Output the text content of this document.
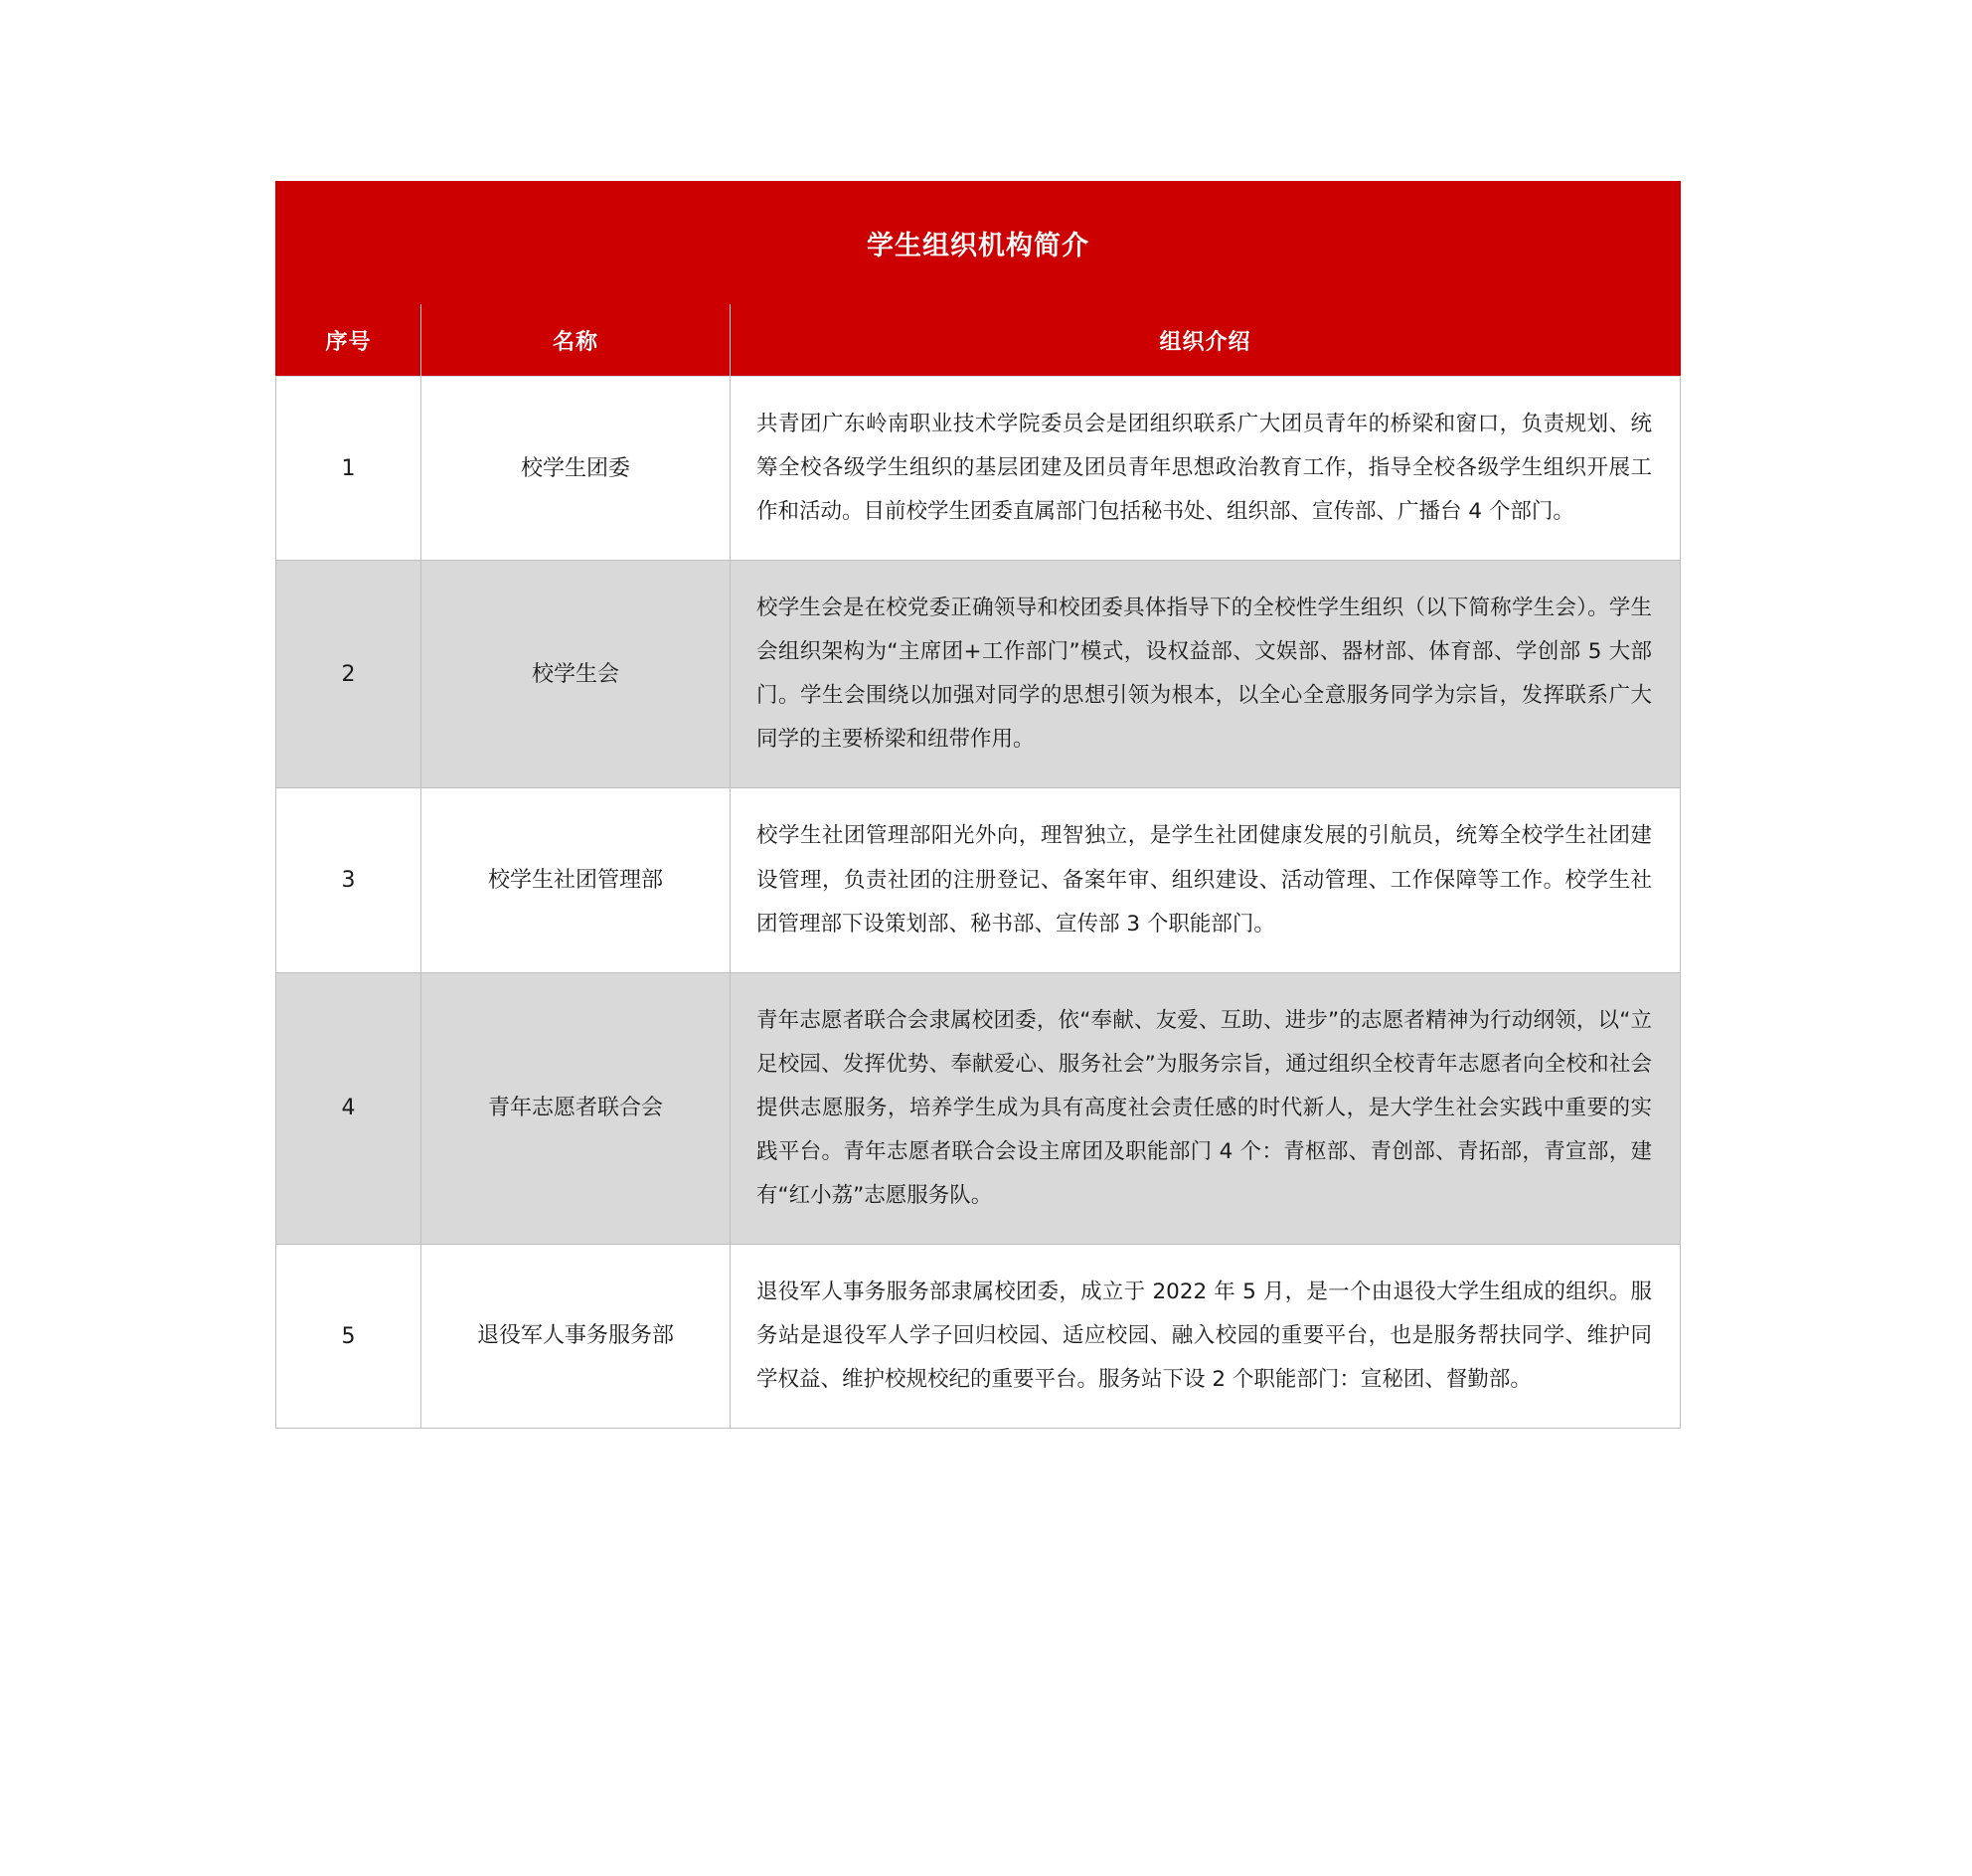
学生组织机构简介		
序号	名称	组织介绍
1	校学生团委	共青团广东岭南职业技术学院委员会是团组织联系广大团员青年的桥梁和窗口，负责规划、统筹全校各级学生组织的基层团建及团员青年思想政治教育工作，指导全校各级学生组织开展工作和活动。目前校学生团委直属部门包括秘书处、组织部、宣传部、广播台 4 个部门。
2	校学生会	校学生会是在校党委正确领导和校团委具体指导下的全校性学生组织（以下简称学生会）。学生会组织架构为“主席团+工作部门”模式，设权益部、文娱部、器材部、体育部、学创部 5 大部门。学生会围绕以加强对同学的思想引领为根本，以全心全意服务同学为宗旨，发挥联系广大同学的主要桥梁和纽带作用。
3	校学生社团管理部	校学生社团管理部阳光外向，理智独立，是学生社团健康发展的引航员，统筹全校学生社团建设管理，负责社团的注册登记、备案年审、组织建设、活动管理、工作保障等工作。校学生社团管理部下设策划部、秘书部、宣传部 3 个职能部门。
4	青年志愿者联合会	青年志愿者联合会隶属校团委，依“奉献、友爱、互助、进步”的志愿者精神为行动纲领，以“立足校园、发挥优势、奉献爱心、服务社会”为服务宗旨，通过组织全校青年志愿者向全校和社会提供志愿服务，培养学生成为具有高度社会责任感的时代新人，是大学生社会实践中重要的实践平台。青年志愿者联合会设主席团及职能部门 4 个：青枢部、青创部、青拓部，青宣部，建有“红小荔”志愿服务队。
5	退役军人事务服务部	退役军人事务服务部隶属校团委，成立于 2022 年 5 月，是一个由退役大学生组成的组织。服务站是退役军人学子回归校园、适应校园、融入校园的重要平台，也是服务帮扶同学、维护同学权益、维护校规校纪的重要平台。服务站下设 2 个职能部门：宣秘团、督勤部。
